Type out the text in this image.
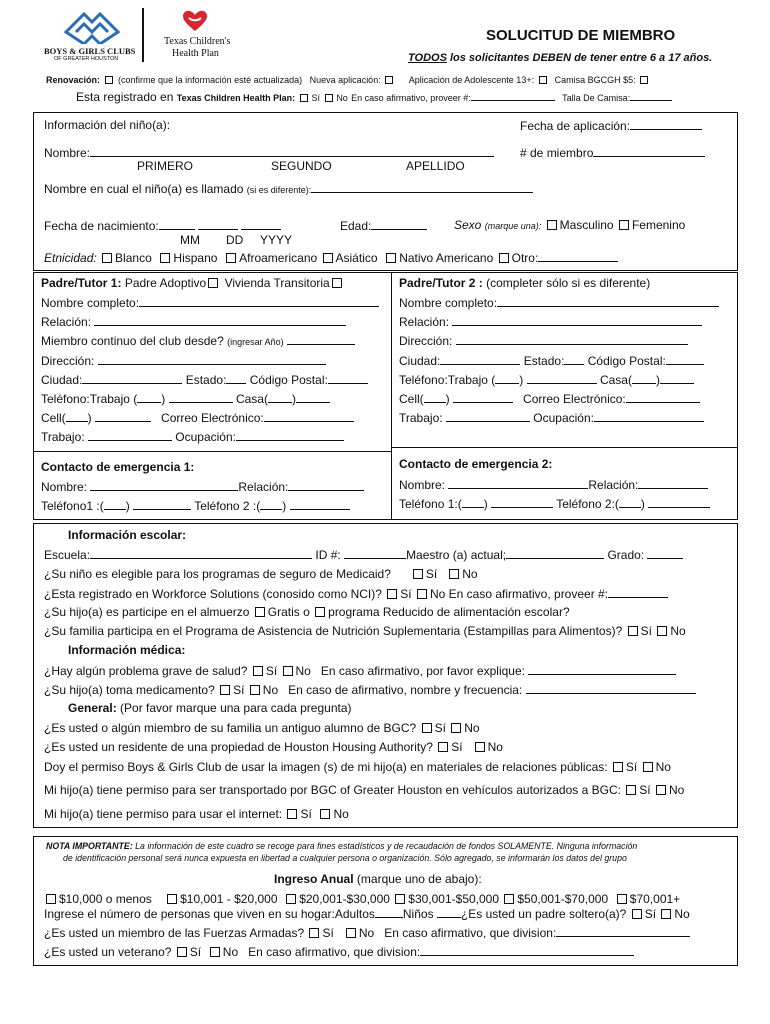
BOYS & GIRLS CLUBS
OF GREATER HOUSTON
Texas Children's
Health Plan
SOLUCITUD DE MIEMBRO
TODOS los solicitantes DEBEN de tener entre 6 a 17 años.
Renovación: (confirme que la información esté actualizada) Nueva aplicación:	Aplicación de Adolescente 13+: Camisa BGCGH $5:
Esta registrado en Texas Children Health Plan: Sí No En caso afirmativo, proveer #:	Talla De Camisa:
Información del niño(a):	Fecha de aplicación:
Nombre:
PRIMERO	SEGUNDO	APELLIDO
# de miembro
Nombre en cual el niño(a) es llamado (si es diferente):
Fecha de nacimiento:
MM DD YYYY
Edad:	Sexo (marque una): Masculino Femenino
Etnicidad: Blanco Hispano Afroamericano Asiático Nativo Americano Otro:
Padre/Tutor 1: Padre Adoptivo Vivienda Transitoria
Nombre completo:
Relación:
Miembro continuo del club desde? (ingresar Año)
Dirección:
Ciudad:	Estado: Código Postal:
Teléfono:Trabajo ( )	Casa( )
Cell( )	Correo Electrónico:
Trabajo:	Ocupación:
Padre/Tutor 2 : (completer sólo si es diferente)
Nombre completo:
Relación:
Dirección:
Ciudad:	Estado: Código Postal:
Teléfono:Trabajo ( )	Casa( )
Cell( )	Correo Electrónico:
Trabajo:	Ocupación:
Contacto de emergencia 1:
Nombre:	Relación:
Teléfono1 :( )	Teléfono 2 :( )
Contacto de emergencia 2:
Nombre:	Relación:
Teléfono 1:( )	Teléfono 2:( )
Información escolar:
Escuela:	ID #:	Maestro (a) actual;	Grado:
¿Su niño es elegible para los programas de seguro de Medicaid?	Sí No
¿Esta registrado en Workforce Solutions (conosido como NCI)? Sí No En caso afirmativo, proveer #:
¿Su hijo(a) es participe en el almuerzo Gratis o programa Reducido de alimentación escolar?
¿Su familia participa en el Programa de Asistencia de Nutrición Suplementaria (Estampillas para Alimentos)? Sí No
Información médica:
¿Hay algún problema grave de salud? Sí No En caso afirmativo, por favor explique:
¿Su hijo(a) toma medicamento? Sí No En caso de afirmativo, nombre y frecuencia:
General: (Por favor marque una para cada pregunta)
¿Es usted o algún miembro de su familia un antiguo alumno de BGC? Sí No
¿Es usted un residente de una propiedad de Houston Housing Authority? Sí No
Doy el permiso Boys & Girls Club de usar la imagen (s) de mi hijo(a) en materiales de relaciones públicas: Sí No
Mi hijo(a) tiene permiso para ser transportado por BGC of Greater Houston en vehículos autorizados a BGC: Sí No
Mi hijo(a) tiene permiso para usar el internet: Sí No
NOTA IMPORTANTE: La información de este cuadro se recoge para fines estadísticos y de recaudación de fondos SOLAMENTE. Ninguna información
de identificación personal será nunca expuesta en libertad a cualquier persona o organización. Sólo agregado, se informarán los datos del grupo
Ingreso Anual (marque uno de abajo):
$10,000 o menos $10,001 - $20,000 $20,001-$30,000 $30,001-$50,000 $50,001-$70,000 $70,001+
Ingrese el número de personas que viven en su hogar:Adultos Niños ¿Es usted un padre soltero(a)? Sí No
¿Es usted un miembro de las Fuerzas Armadas? Sí No En caso afirmativo, que division:
¿Es usted un veterano? Sí No En caso afirmativo, que division:
